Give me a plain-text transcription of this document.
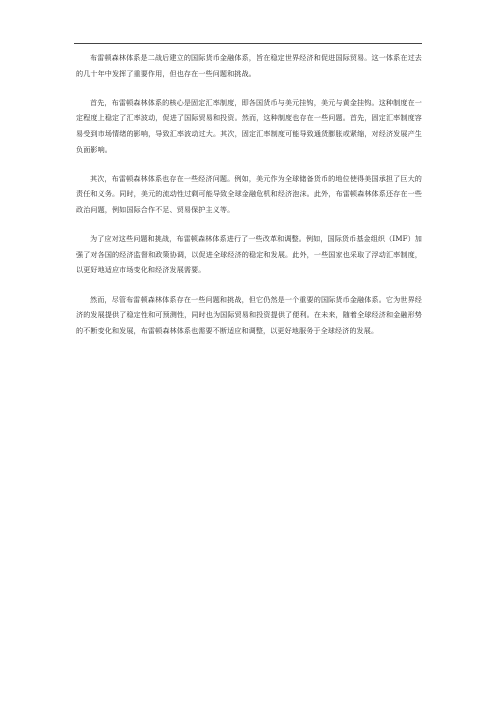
布雷顿森林体系是二战后建立的国际货币金融体系，旨在稳定世界经济和促进国际贸易。这一体系在过去的几十年中发挥了重要作用，但也存在一些问题和挑战。

首先，布雷顿森林体系的核心是固定汇率制度，即各国货币与美元挂钩，美元与黄金挂钩。这种制度在一定程度上稳定了汇率波动，促进了国际贸易和投资。然而，这种制度也存在一些问题。首先，固定汇率制度容易受到市场情绪的影响，导致汇率波动过大。其次，固定汇率制度可能导致通货膨胀或紧缩，对经济发展产生负面影响。

其次，布雷顿森林体系也存在一些经济问题。例如，美元作为全球储备货币的地位使得美国承担了巨大的责任和义务。同时，美元的流动性过剩可能导致全球金融危机和经济泡沫。此外，布雷顿森林体系还存在一些政治问题，例如国际合作不足、贸易保护主义等。

为了应对这些问题和挑战，布雷顿森林体系进行了一些改革和调整。例如，国际货币基金组织（IMF）加强了对各国的经济监督和政策协调，以促进全球经济的稳定和发展。此外，一些国家也采取了浮动汇率制度，以更好地适应市场变化和经济发展需要。

然而，尽管布雷顿森林体系存在一些问题和挑战，但它仍然是一个重要的国际货币金融体系。它为世界经济的发展提供了稳定性和可预测性，同时也为国际贸易和投资提供了便利。在未来，随着全球经济和金融形势的不断变化和发展，布雷顿森林体系也需要不断适应和调整，以更好地服务于全球经济的发展。
